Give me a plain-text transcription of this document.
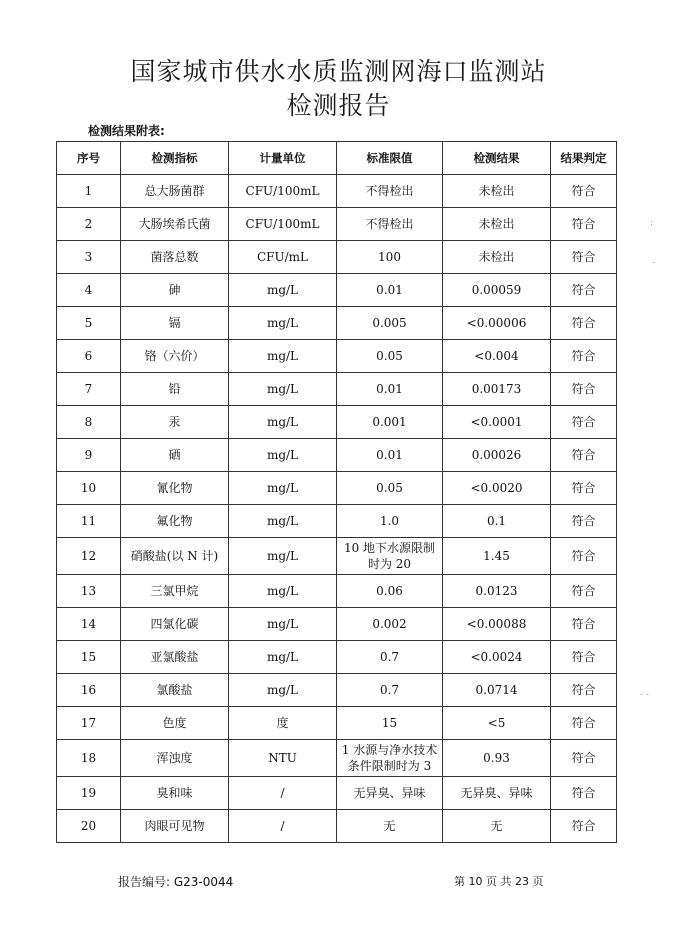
国家城市供水水质监测网海口监测站
检测报告
检测结果附表:
序号	检测指标	计量单位	标准限值	检测结果	结果判定
1	总大肠菌群	CFU/100mL	不得检出	未检出	符合
2	大肠埃希氏菌	CFU/100mL	不得检出	未检出	符合
3	菌落总数	CFU/mL	100	未检出	符合
4	砷	mg/L	0.01	0.00059	符合
5	镉	mg/L	0.005	<0.00006	符合
6	铬（六价）	mg/L	0.05	<0.004	符合
7	铅	mg/L	0.01	0.00173	符合
8	汞	mg/L	0.001	<0.0001	符合
9	硒	mg/L	0.01	0.00026	符合
10	氰化物	mg/L	0.05	<0.0020	符合
11	氟化物	mg/L	1.0	0.1	符合
12	硝酸盐(以 N 计)	mg/L	10 地下水源限制时为 20	1.45	符合
13	三氯甲烷	mg/L	0.06	0.0123	符合
14	四氯化碳	mg/L	0.002	<0.00088	符合
15	亚氯酸盐	mg/L	0.7	<0.0024	符合
16	氯酸盐	mg/L	0.7	0.0714	符合
17	色度	度	15	<5	符合
18	浑浊度	NTU	1 水源与净水技术条件限制时为 3	0.93	符合
19	臭和味	/	无异臭、异味	无异臭、异味	符合
20	肉眼可见物	/	无	无	符合
报告编号: G23-0044	第 10 页 共 23 页
:
-
- -
